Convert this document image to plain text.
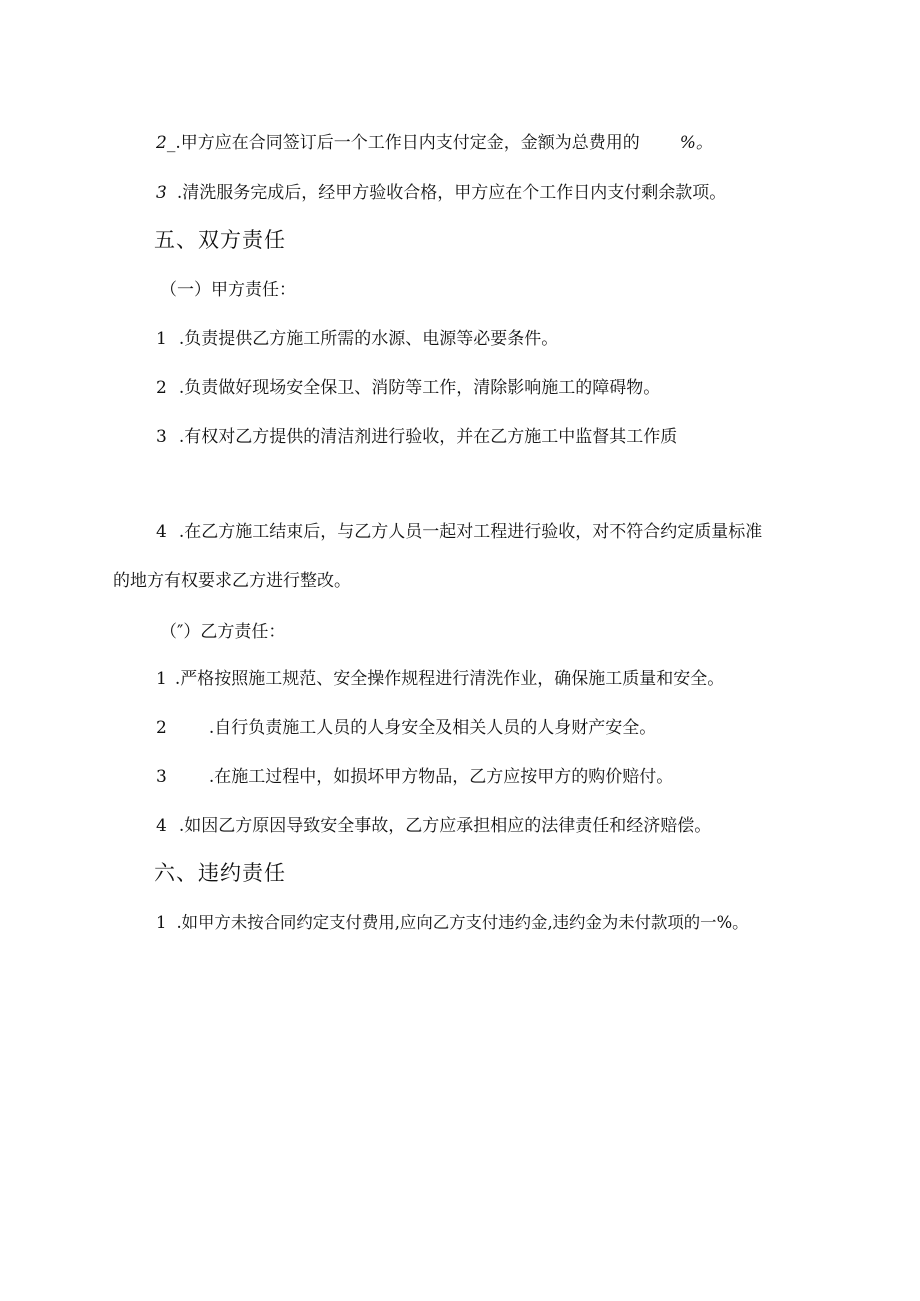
2_.甲方应在合同签订后一个工作日内支付定金，金额为总费用的 %。
3 .清洗服务完成后，经甲方验收合格，甲方应在个工作日内支付剩余款项。
五、双方责任
（一）甲方责任：
1 .负责提供乙方施工所需的水源、电源等必要条件。
2 .负责做好现场安全保卫、消防等工作，清除影响施工的障碍物。
3 .有权对乙方提供的清洁剂进行验收，并在乙方施工中监督其工作质
4 .在乙方施工结束后，与乙方人员一起对工程进行验收，对不符合约定质量标准
的地方有权要求乙方进行整改。
（″）乙方责任：
1 .严格按照施工规范、安全操作规程进行清洗作业，确保施工质量和安全。
2 .自行负责施工人员的人身安全及相关人员的人身财产安全。
3 .在施工过程中，如损坏甲方物品，乙方应按甲方的购价赔付。
4 .如因乙方原因导致安全事故，乙方应承担相应的法律责任和经济赔偿。
六、违约责任
1 .如甲方未按合同约定支付费用,应向乙方支付违约金,违约金为未付款项的一%。
